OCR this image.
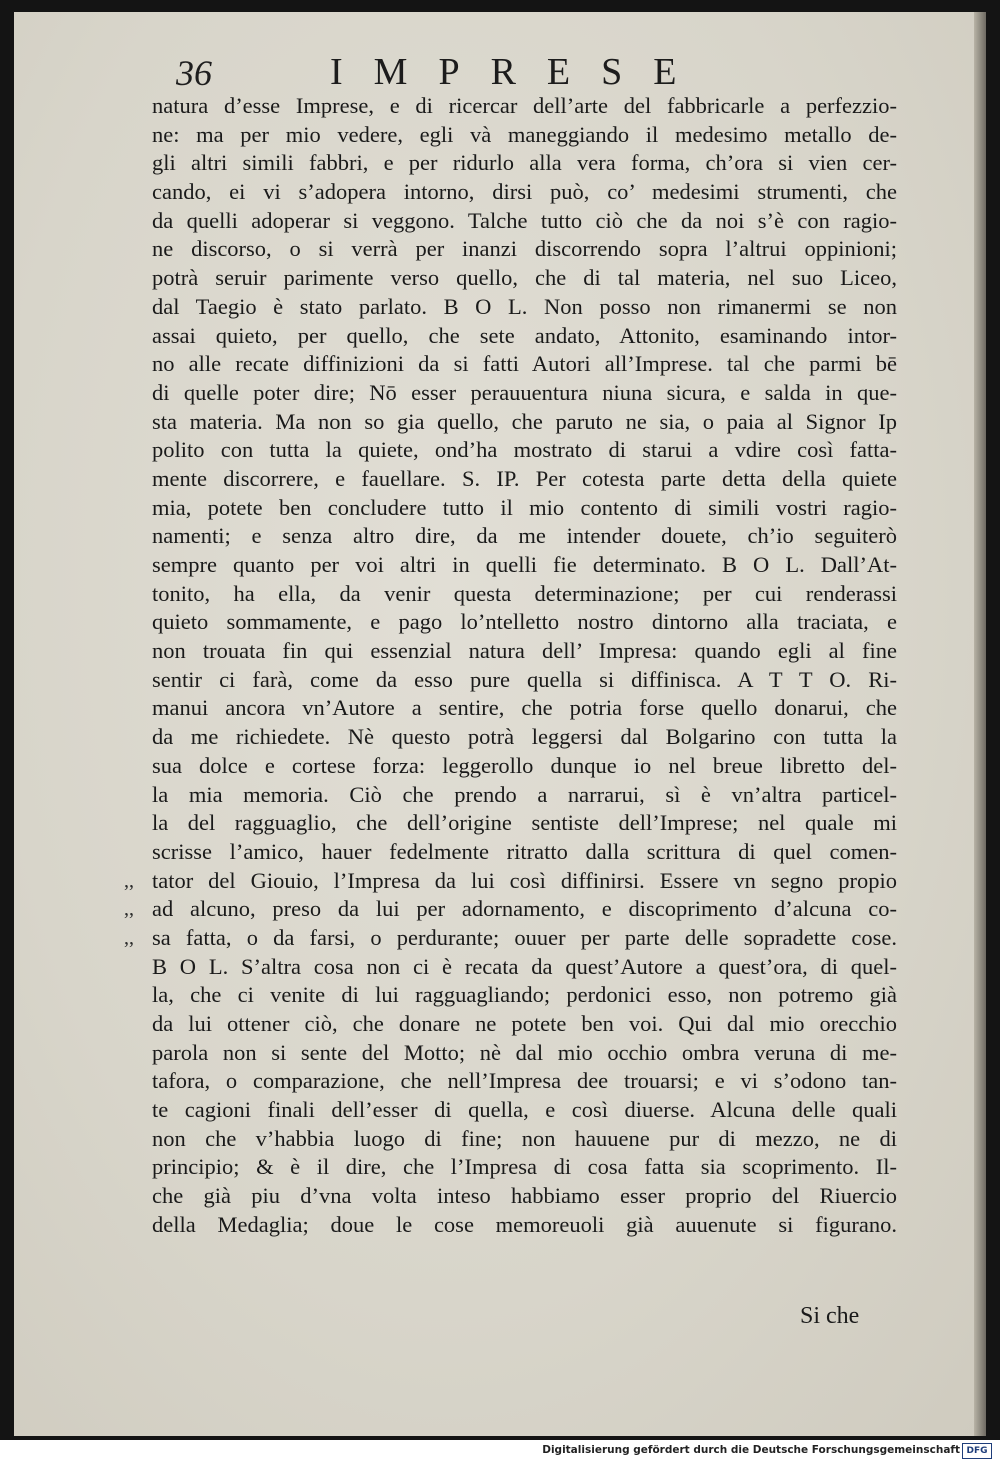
36	IMPRESE
natura d’esse Imprese, e di ricercar dell’arte del fabbricarle a perfezzio-
ne: ma per mio vedere, egli và maneggiando il medesimo metallo de-
gli altri simili fabbri, e per ridurlo alla vera forma, ch’ora si vien cer-
cando, ei vi s’adopera intorno, dirsi può, co’ medesimi strumenti, che
da quelli adoperar si veggono. Talche tutto ciò che da noi s’è con ragio-
ne discorso, o si verrà per inanzi discorrendo sopra l’altrui oppinioni;
potrà seruir parimente verso quello, che di tal materia, nel suo Liceo,
dal Taegio è stato parlato. B O L. Non posso non rimanermi se non
assai quieto, per quello, che sete andato, Attonito, esaminando intor-
no alle recate diffinizioni da si fatti Autori all’Imprese. tal che parmi bē
di quelle poter dire; Nō esser perauuentura niuna sicura, e salda in que-
sta materia. Ma non so gia quello, che paruto ne sia, o paia al Signor Ip
polito con tutta la quiete, ond’ha mostrato di starui a vdire così fatta-
mente discorrere, e fauellare. S. IP. Per cotesta parte detta della quiete
mia, potete ben concludere tutto il mio contento di simili vostri ragio-
namenti; e senza altro dire, da me intender douete, ch’io seguiterò
sempre quanto per voi altri in quelli fie determinato. B O L. Dall’At-
tonito, ha ella, da venir questa determinazione; per cui renderassi
quieto sommamente, e pago lo’ntelletto nostro dintorno alla traciata, e
non trouata fin qui essenzial natura dell’ Impresa: quando egli al fine
sentir ci farà, come da esso pure quella si diffinisca. A T T O. Ri-
manui ancora vn’Autore a sentire, che potria forse quello donarui, che
da me richiedete. Nè questo potrà leggersi dal Bolgarino con tutta la
sua dolce e cortese forza: leggerollo dunque io nel breue libretto del-
la mia memoria. Ciò che prendo a narrarui, sì è vn’altra particel-
la del ragguaglio, che dell’origine sentiste dell’Imprese; nel quale mi
scrisse l’amico, hauer fedelmente ritratto dalla scrittura di quel comen-
,, tator del Giouio, l’Impresa da lui così diffinirsi. Essere vn segno propio
,, ad alcuno, preso da lui per adornamento, e discoprimento d’alcuna co-
,, sa fatta, o da farsi, o perdurante; ouuer per parte delle sopradette cose.
B O L. S’altra cosa non ci è recata da quest’Autore a quest’ora, di quel-
la, che ci venite di lui ragguagliando; perdonici esso, non potremo già
da lui ottener ciò, che donare ne potete ben voi. Qui dal mio orecchio
parola non si sente del Motto; nè dal mio occhio ombra veruna di me-
tafora, o comparazione, che nell’Impresa dee trouarsi; e vi s’odono tan-
te cagioni finali dell’esser di quella, e così diuerse. Alcuna delle quali
non che v’habbia luogo di fine; non hauuene pur di mezzo, ne di
principio; & è il dire, che l’Impresa di cosa fatta sia scoprimento. Il-
che già piu d’vna volta inteso habbiamo esser proprio del Riuercio
della Medaglia; doue le cose memoreuoli già auuenute si figurano.
Si che
Digitalisierung gefördert durch die Deutsche Forschungsgemeinschaft DFG
